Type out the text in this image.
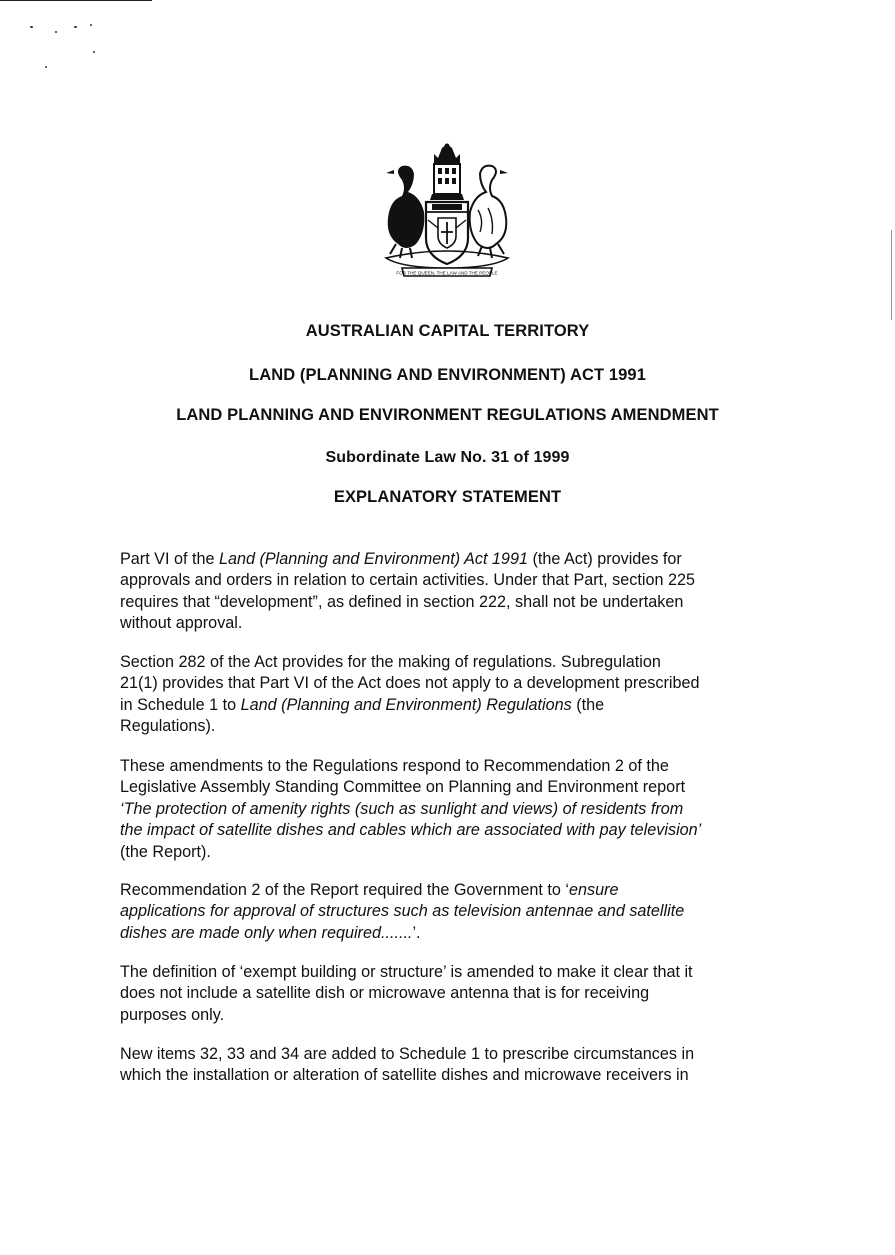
FOR THE QUEEN, THE LAW AND THE PEOPLE
AUSTRALIAN CAPITAL TERRITORY
LAND (PLANNING AND ENVIRONMENT) ACT 1991
LAND PLANNING AND ENVIRONMENT REGULATIONS AMENDMENT
Subordinate Law No. 31 of 1999
EXPLANATORY STATEMENT
Part VI of the Land (Planning and Environment) Act 1991 (the Act) provides for
approvals and orders in relation to certain activities. Under that Part, section 225
requires that “development”, as defined in section 222, shall not be undertaken
without approval.
Section 282 of the Act provides for the making of regulations. Subregulation
21(1) provides that Part VI of the Act does not apply to a development prescribed
in Schedule 1 to Land (Planning and Environment) Regulations (the
Regulations).
These amendments to the Regulations respond to Recommendation 2 of the
Legislative Assembly Standing Committee on Planning and Environment report
‘The protection of amenity rights (such as sunlight and views) of residents from
the impact of satellite dishes and cables which are associated with pay television’
(the Report).
Recommendation 2 of the Report required the Government to ‘ensure
applications for approval of structures such as television antennae and satellite
dishes are made only when required.......’.
The definition of ‘exempt building or structure’ is amended to make it clear that it
does not include a satellite dish or microwave antenna that is for receiving
purposes only.
New items 32, 33 and 34 are added to Schedule 1 to prescribe circumstances in
which the installation or alteration of satellite dishes and microwave receivers in
